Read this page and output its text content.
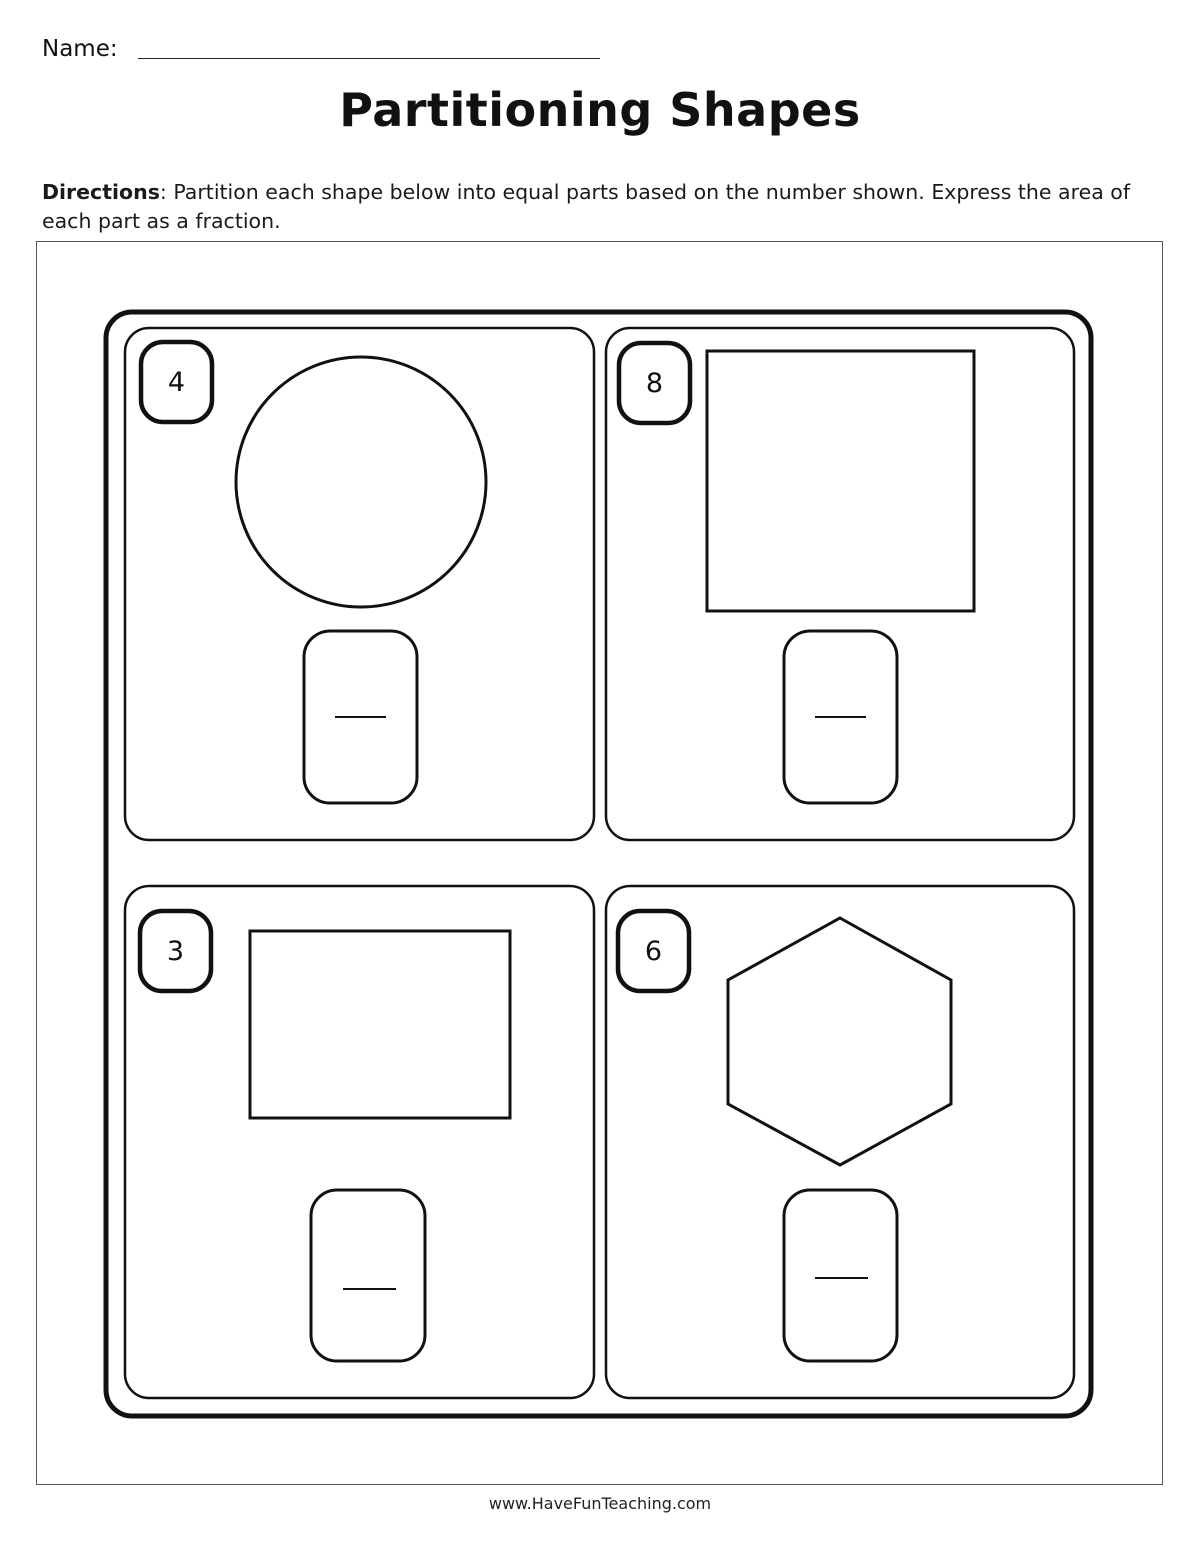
Name:
Partitioning Shapes
Directions: Partition each shape below into equal parts based on the number shown. Express the area of each part as a fraction.
4	8
3	6
www.HaveFunTeaching.com
